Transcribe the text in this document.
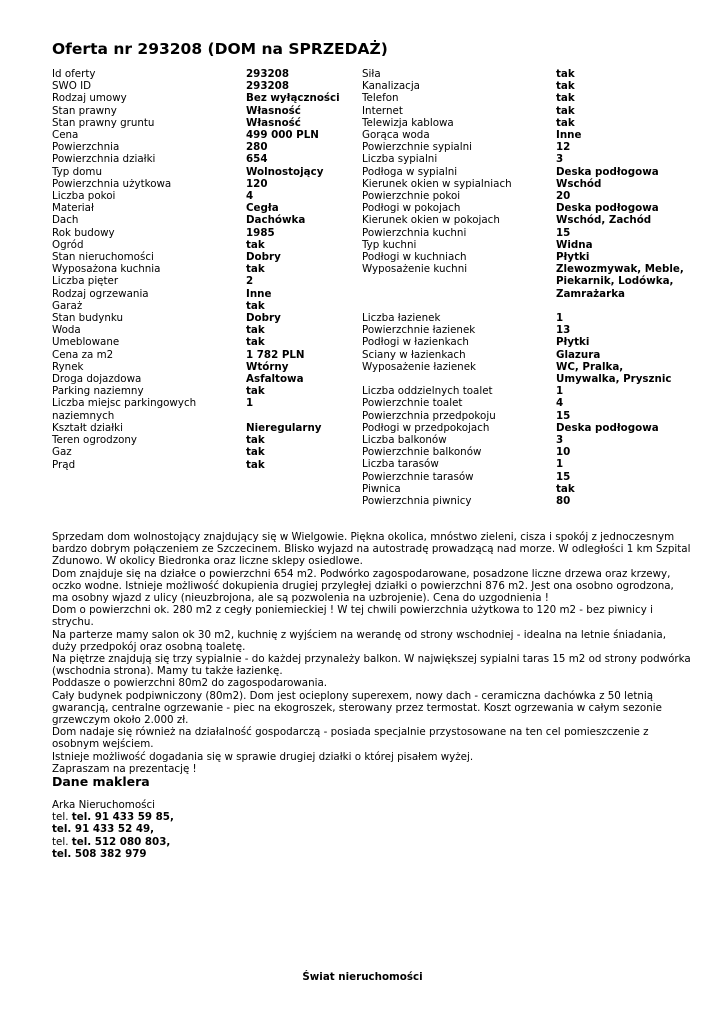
Oferta nr 293208 (DOM na SPRZEDAŻ)
Id oferty	293208
SWO ID	293208
Rodzaj umowy	Bez wyłączności
Stan prawny	Własność
Stan prawny gruntu	Własność
Cena	499 000 PLN
Powierzchnia	280
Powierzchnia działki	654
Typ domu	Wolnostojący
Powierzchnia użytkowa	120
Liczba pokoi	4
Materiał	Cegła
Dach	Dachówka
Rok budowy	1985
Ogród	tak
Stan nieruchomości	Dobry
Wyposażona kuchnia	tak
Liczba pięter	2
Rodzaj ogrzewania	Inne
Garaż	tak
Stan budynku	Dobry
Woda	tak
Umeblowane	tak
Cena za m2	1 782 PLN
Rynek	Wtórny
Droga dojazdowa	Asfaltowa
Parking naziemny	tak
Liczba miejsc parkingowych naziemnych
1
Kształt działki	Nieregularny
Teren ogrodzony	tak
Gaz	tak
Prąd	tak
Siła	tak
Kanalizacja	tak
Telefon	tak
Internet	tak
Telewizja kablowa	tak
Gorąca woda	Inne
Powierzchnie sypialni	12
Liczba sypialni	3
Podłoga w sypialni	Deska podłogowa
Kierunek okien w sypialniach	Wschód
Powierzchnie pokoi	20
Podłogi w pokojach	Deska podłogowa
Kierunek okien w pokojach	Wschód, Zachód
Powierzchnia kuchni	15
Typ kuchni	Widna
Podłogi w kuchniach	Płytki
Wyposażenie kuchni	Zlewozmywak, Meble, Piekarnik, Lodówka, Zamrażarka
Liczba łazienek	1
Powierzchnie łazienek	13
Podłogi w łazienkach	Płytki
Sciany w łazienkach	Glazura
Wyposażenie łazienek	WC, Pralka, Umywalka, Prysznic
Liczba oddzielnych toalet	1
Powierzchnie toalet	4
Powierzchnia przedpokoju	15
Podłogi w przedpokojach	Deska podłogowa
Liczba balkonów	3
Powierzchnie balkonów	10
Liczba tarasów	1
Powierzchnie tarasów	15
Piwnica	tak
Powierzchnia piwnicy	80

Sprzedam dom wolnostojący znajdujący się w Wielgowie. Piękna okolica, mnóstwo zieleni, cisza i spokój z jednoczesnym bardzo dobrym połączeniem ze Szczecinem. Blisko wyjazd na autostradę prowadzącą nad morze. W odległości 1 km Szpital Zdunowo. W okolicy Biedronka oraz liczne sklepy osiedlowe.

Dom znajduje się na działce o powierzchni 654 m2. Podwórko zagospodarowane, posadzone liczne drzewa oraz krzewy, oczko wodne. Istnieje możliwość dokupienia drugiej przyległej działki o powierzchni 876 m2. Jest ona osobno ogrodzona, ma osobny wjazd z ulicy (nieuzbrojona, ale są pozwolenia na uzbrojenie). Cena do uzgodnienia !

Dom o powierzchni ok. 280 m2 z cegły poniemieckiej ! W tej chwili powierzchnia użytkowa to 120 m2 - bez piwnicy i strychu.

Na parterze mamy salon ok 30 m2, kuchnię z wyjściem na werandę od strony wschodniej - idealna na letnie śniadania, duży przedpokój oraz osobną toaletę.

Na piętrze znajdują się trzy sypialnie - do każdej przynależy balkon. W największej sypialni taras 15 m2 od strony podwórka (wschodnia strona). Mamy tu także łazienkę.

Poddasze o powierzchni 80m2 do zagospodarowania.

Cały budynek podpiwniczony (80m2). Dom jest ocieplony superexem, nowy dach - ceramiczna dachówka z 50 letnią gwarancją, centralne ogrzewanie - piec na ekogroszek, sterowany przez termostat. Koszt ogrzewania w całym sezonie grzewczym około 2.000 zł.

Dom nadaje się również na działalność gospodarczą - posiada specjalnie przystosowane na ten cel pomieszczenie z osobnym wejściem.

Istnieje możliwość dogadania się w sprawie drugiej działki o której pisałem wyżej.

Zapraszam na prezentację !

Dane maklera
Arka Nieruchomości
tel. tel. 91 433 59 85,
tel. 91 433 52 49,
tel. tel. 512 080 803,
tel. 508 382 979
Świat nieruchomości
